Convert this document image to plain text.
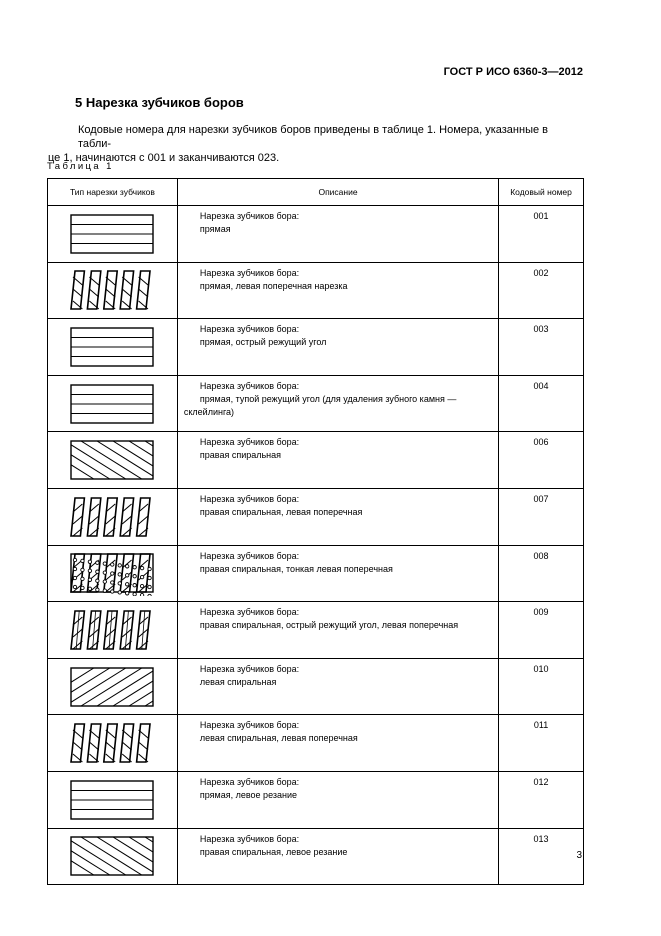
ГОСТ Р ИСО 6360-3—2012
5 Нарезка зубчиков боров

Кодовые номера для нарезки зубчиков боров приведены в таблице 1. Номера, указанные в табли-

це 1, начинаются с 001 и заканчиваются 023.

Таблица 1
Тип нарезки зубчиков	Описание	Кодовый номер

Нарезка зубчиков бора:
прямая	001

Нарезка зубчиков бора:
прямая, левая поперечная нарезка	002

Нарезка зубчиков бора:
прямая, острый режущий угол	003

Нарезка зубчиков бора:
прямая, тупой режущий угол (для удаления зубного камня — склейлинга)	004

Нарезка зубчиков бора:
правая спиральная	006

Нарезка зубчиков бора:
правая спиральная, левая поперечная	007

Нарезка зубчиков бора:
правая спиральная, тонкая левая поперечная	008

Нарезка зубчиков бора:
правая спиральная, острый режущий угол, левая поперечная	009

Нарезка зубчиков бора:
левая спиральная	010

Нарезка зубчиков бора:
левая спиральная, левая поперечная	011

Нарезка зубчиков бора:
прямая, левое резание	012

Нарезка зубчиков бора:
правая спиральная, левое резание	013
3
